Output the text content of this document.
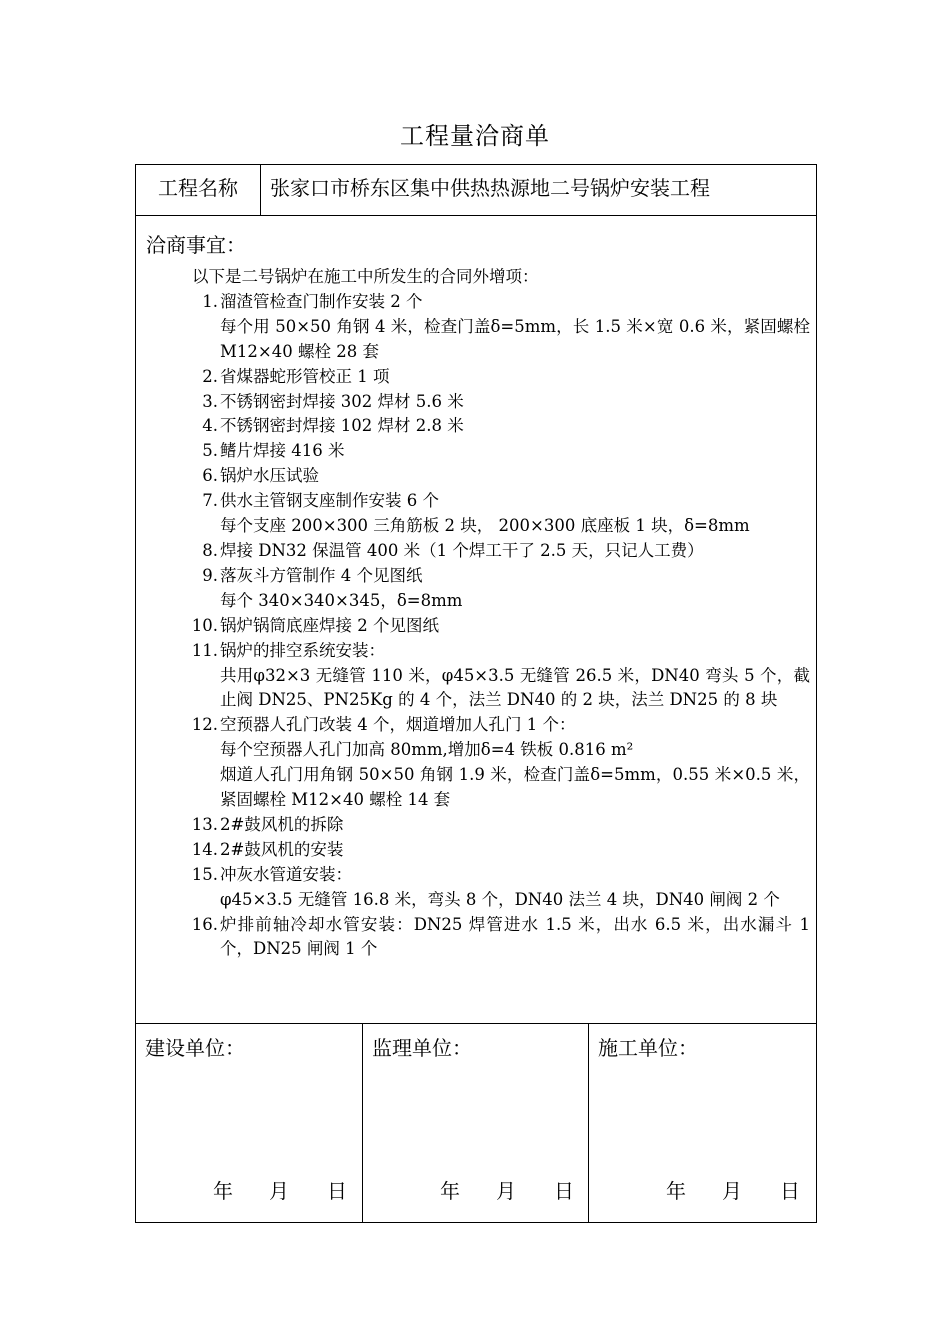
工程量洽商单
工程名称	张家口市桥东区集中供热热源地二号锅炉安装工程
洽商事宜：
以下是二号锅炉在施工中所发生的合同外增项：
1. 溜渣管检查门制作安装 2 个
每个用 50×50 角钢 4 米，检查门盖δ=5mm，长 1.5 米×宽 0.6 米，紧固螺栓 M12×40 螺栓 28 套
2. 省煤器蛇形管校正 1 项
3. 不锈钢密封焊接 302 焊材 5.6 米
4. 不锈钢密封焊接 102 焊材 2.8 米
5. 鳍片焊接 416 米
6. 锅炉水压试验
7. 供水主管钢支座制作安装 6 个
每个支座 200×300 三角筋板 2 块， 200×300 底座板 1 块，δ=8mm
8. 焊接 DN32 保温管 400 米（1 个焊工干了 2.5 天，只记人工费）
9. 落灰斗方管制作 4 个见图纸
每个 340×340×345，δ=8mm
10. 锅炉锅筒底座焊接 2 个见图纸
11. 锅炉的排空系统安装：
共用φ32×3 无缝管 110 米，φ45×3.5 无缝管 26.5 米，DN40 弯头 5 个，截止阀 DN25、PN25Kg 的 4 个，法兰 DN40 的 2 块，法兰 DN25 的 8 块
12. 空预器人孔门改装 4 个，烟道增加人孔门 1 个：
每个空预器人孔门加高 80mm,增加δ=4 铁板 0.816 m²
烟道人孔门用角钢 50×50 角钢 1.9 米，检查门盖δ=5mm，0.55 米×0.5 米，紧固螺栓 M12×40 螺栓 14 套
13. 2#鼓风机的拆除
14. 2#鼓风机的安装
15. 冲灰水管道安装：
φ45×3.5 无缝管 16.8 米，弯头 8 个，DN40 法兰 4 块，DN40 闸阀 2 个
16. 炉排前轴冷却水管安装：DN25 焊管进水 1.5 米，出水 6.5 米，出水漏斗 1 个，DN25 闸阀 1 个
建设单位：
年 月 日
监理单位：
年 月 日
施工单位：
年 月 日
